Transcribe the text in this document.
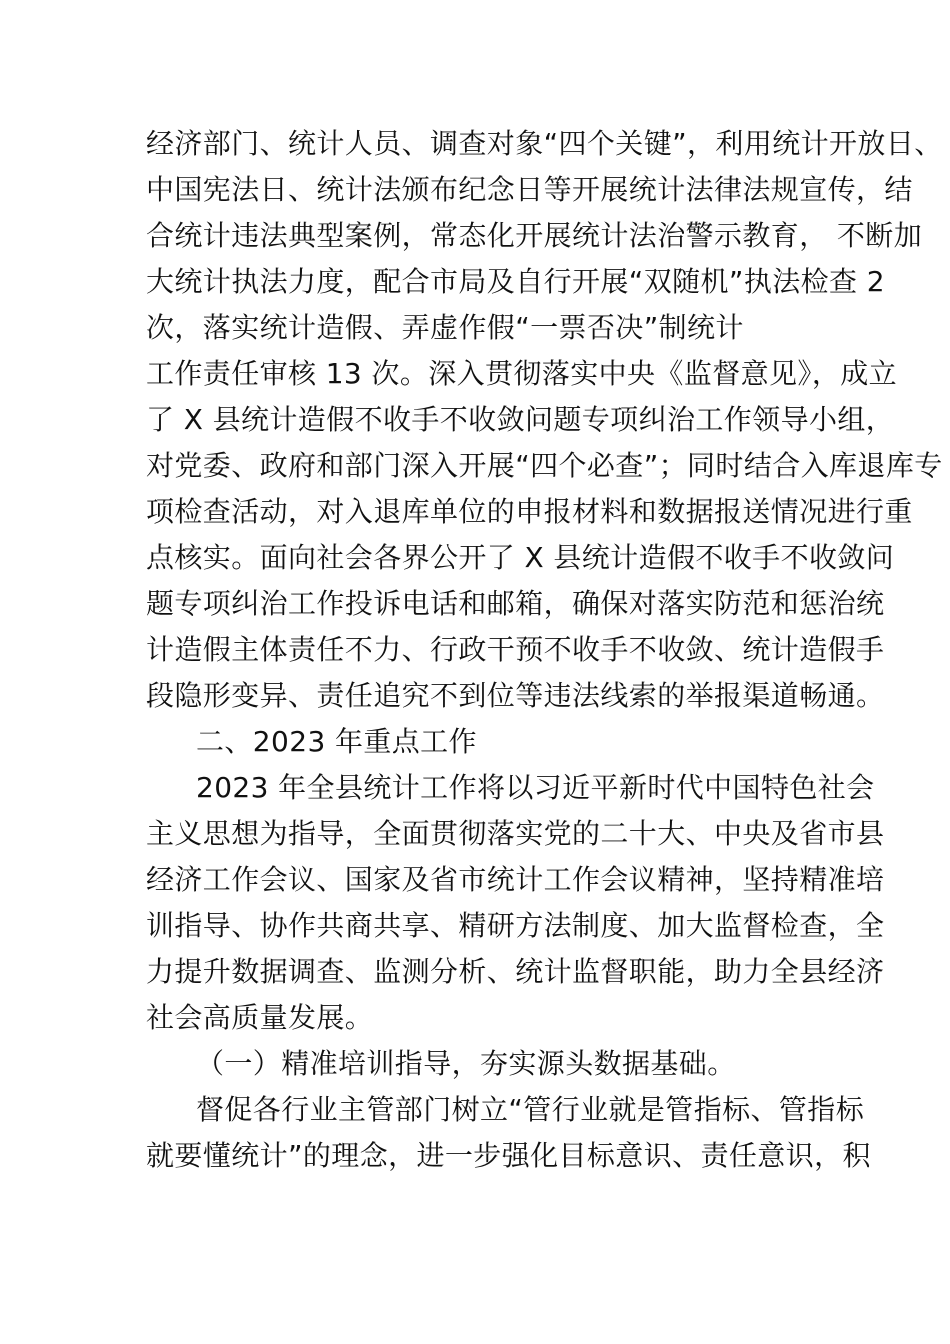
经济部门、统计人员、调查对象“四个关键”，利用统计开放日、
中国宪法日、统计法颁布纪念日等开展统计法律法规宣传，结
合统计违法典型案例，常态化开展统计法治警示教育， 不断加
大统计执法力度，配合市局及自行开展“双随机”执法检查 2
次，落实统计造假、弄虚作假“一票否决”制统计
工作责任审核 13 次。深入贯彻落实中央《监督意见》，成立
了 X 县统计造假不收手不收敛问题专项纠治工作领导小组，
对党委、政府和部门深入开展“四个必查”；同时结合入库退库专
项检查活动，对入退库单位的申报材料和数据报送情况进行重
点核实。面向社会各界公开了 X 县统计造假不收手不收敛问
题专项纠治工作投诉电话和邮箱，确保对落实防范和惩治统
计造假主体责任不力、行政干预不收手不收敛、统计造假手
段隐形变异、责任追究不到位等违法线索的举报渠道畅通。
二、2023 年重点工作
2023 年全县统计工作将以习近平新时代中国特色社会
主义思想为指导，全面贯彻落实党的二十大、中央及省市县
经济工作会议、国家及省市统计工作会议精神，坚持精准培
训指导、协作共商共享、精研方法制度、加大监督检查，全
力提升数据调查、监测分析、统计监督职能，助力全县经济
社会高质量发展。
（一）精准培训指导，夯实源头数据基础。
督促各行业主管部门树立“管行业就是管指标、管指标
就要懂统计”的理念，进一步强化目标意识、责任意识，积
